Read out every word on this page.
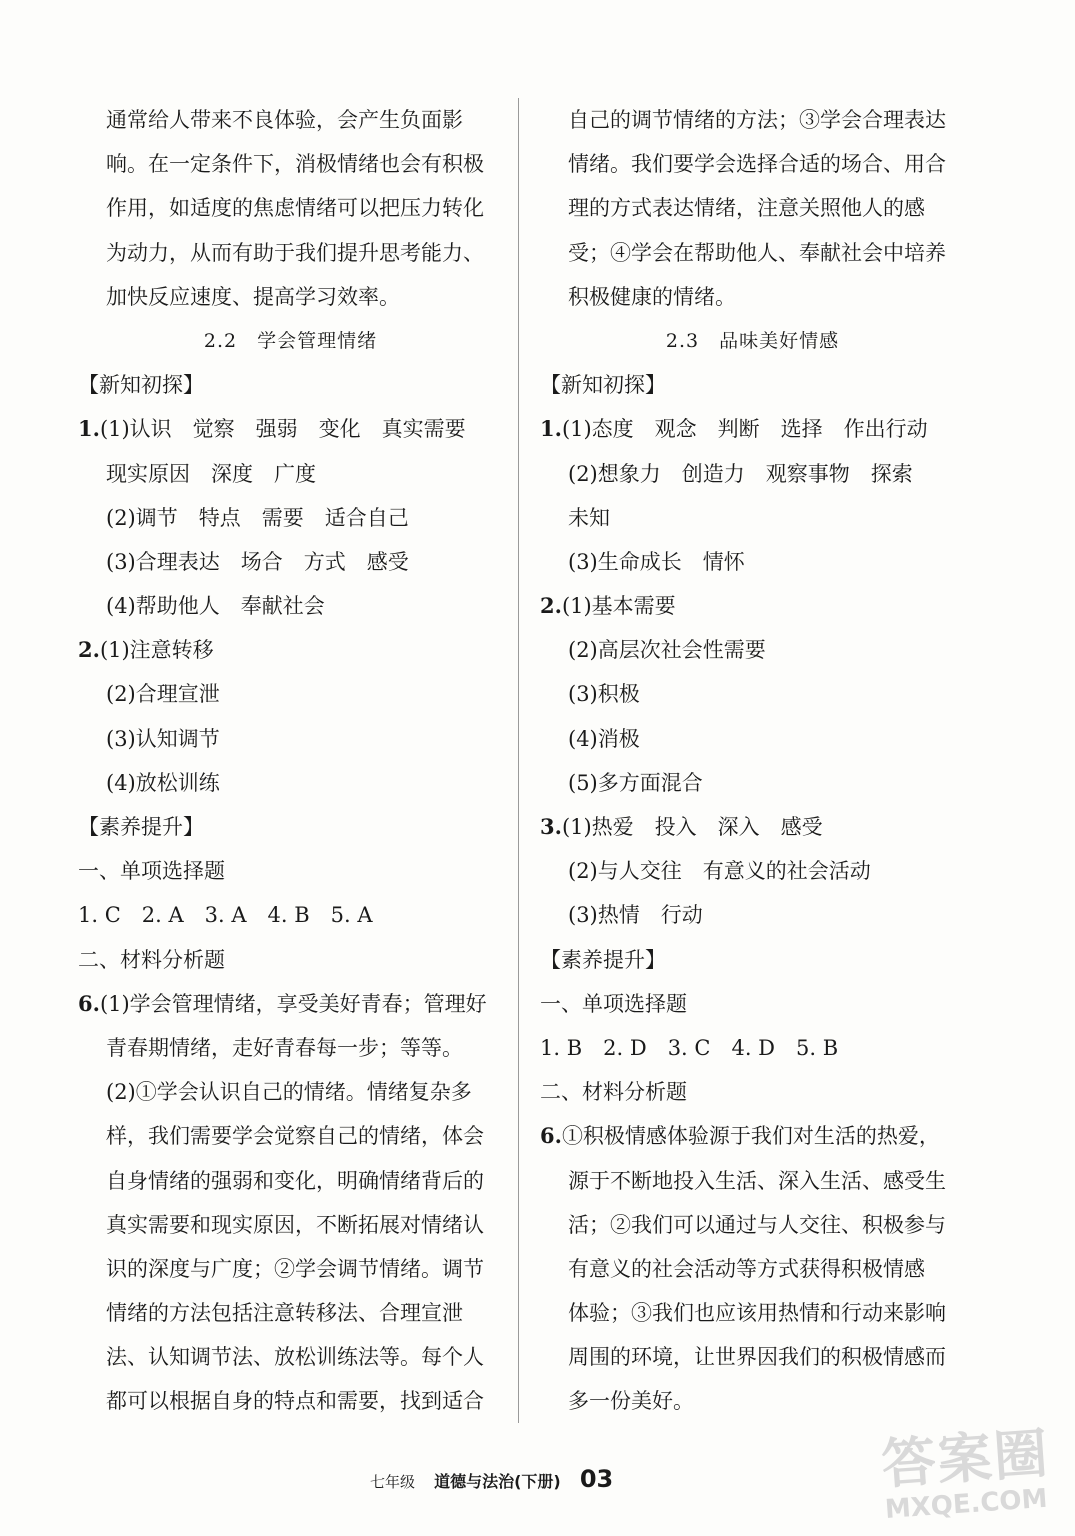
通常给人带来不良体验，会产生负面影
响。在一定条件下，消极情绪也会有积极
作用，如适度的焦虑情绪可以把压力转化
为动力，从而有助于我们提升思考能力、
加快反应速度、提高学习效率。
2.2　学会管理情绪
【新知初探】
1.(1)认识　觉察　强弱　变化　真实需要
现实原因　深度　广度
(2)调节　特点　需要　适合自己
(3)合理表达　场合　方式　感受
(4)帮助他人　奉献社会
2.(1)注意转移
(2)合理宣泄
(3)认知调节
(4)放松训练
【素养提升】
一、单项选择题
1. C　2. A　3. A　4. B　5. A
二、材料分析题
6.(1)学会管理情绪，享受美好青春；管理好
青春期情绪，走好青春每一步；等等。
(2)①学会认识自己的情绪。情绪复杂多
样，我们需要学会觉察自己的情绪，体会
自身情绪的强弱和变化，明确情绪背后的
真实需要和现实原因，不断拓展对情绪认
识的深度与广度；②学会调节情绪。调节
情绪的方法包括注意转移法、合理宣泄
法、认知调节法、放松训练法等。每个人
都可以根据自身的特点和需要，找到适合
自己的调节情绪的方法；③学会合理表达
情绪。我们要学会选择合适的场合、用合
理的方式表达情绪，注意关照他人的感
受；④学会在帮助他人、奉献社会中培养
积极健康的情绪。
2.3　品味美好情感
【新知初探】
1.(1)态度　观念　判断　选择　作出行动
(2)想象力　创造力　观察事物　探索
未知
(3)生命成长　情怀
2.(1)基本需要
(2)高层次社会性需要
(3)积极
(4)消极
(5)多方面混合
3.(1)热爱　投入　深入　感受
(2)与人交往　有意义的社会活动
(3)热情　行动
【素养提升】
一、单项选择题
1. B　2. D　3. C　4. D　5. B
二、材料分析题
6.①积极情感体验源于我们对生活的热爱，
源于不断地投入生活、深入生活、感受生
活；②我们可以通过与人交往、积极参与
有意义的社会活动等方式获得积极情感
体验；③我们也应该用热情和行动来影响
周围的环境，让世界因我们的积极情感而
多一份美好。
七年级 道德与法治(下册) 03	答案圈
MXQE.COM
